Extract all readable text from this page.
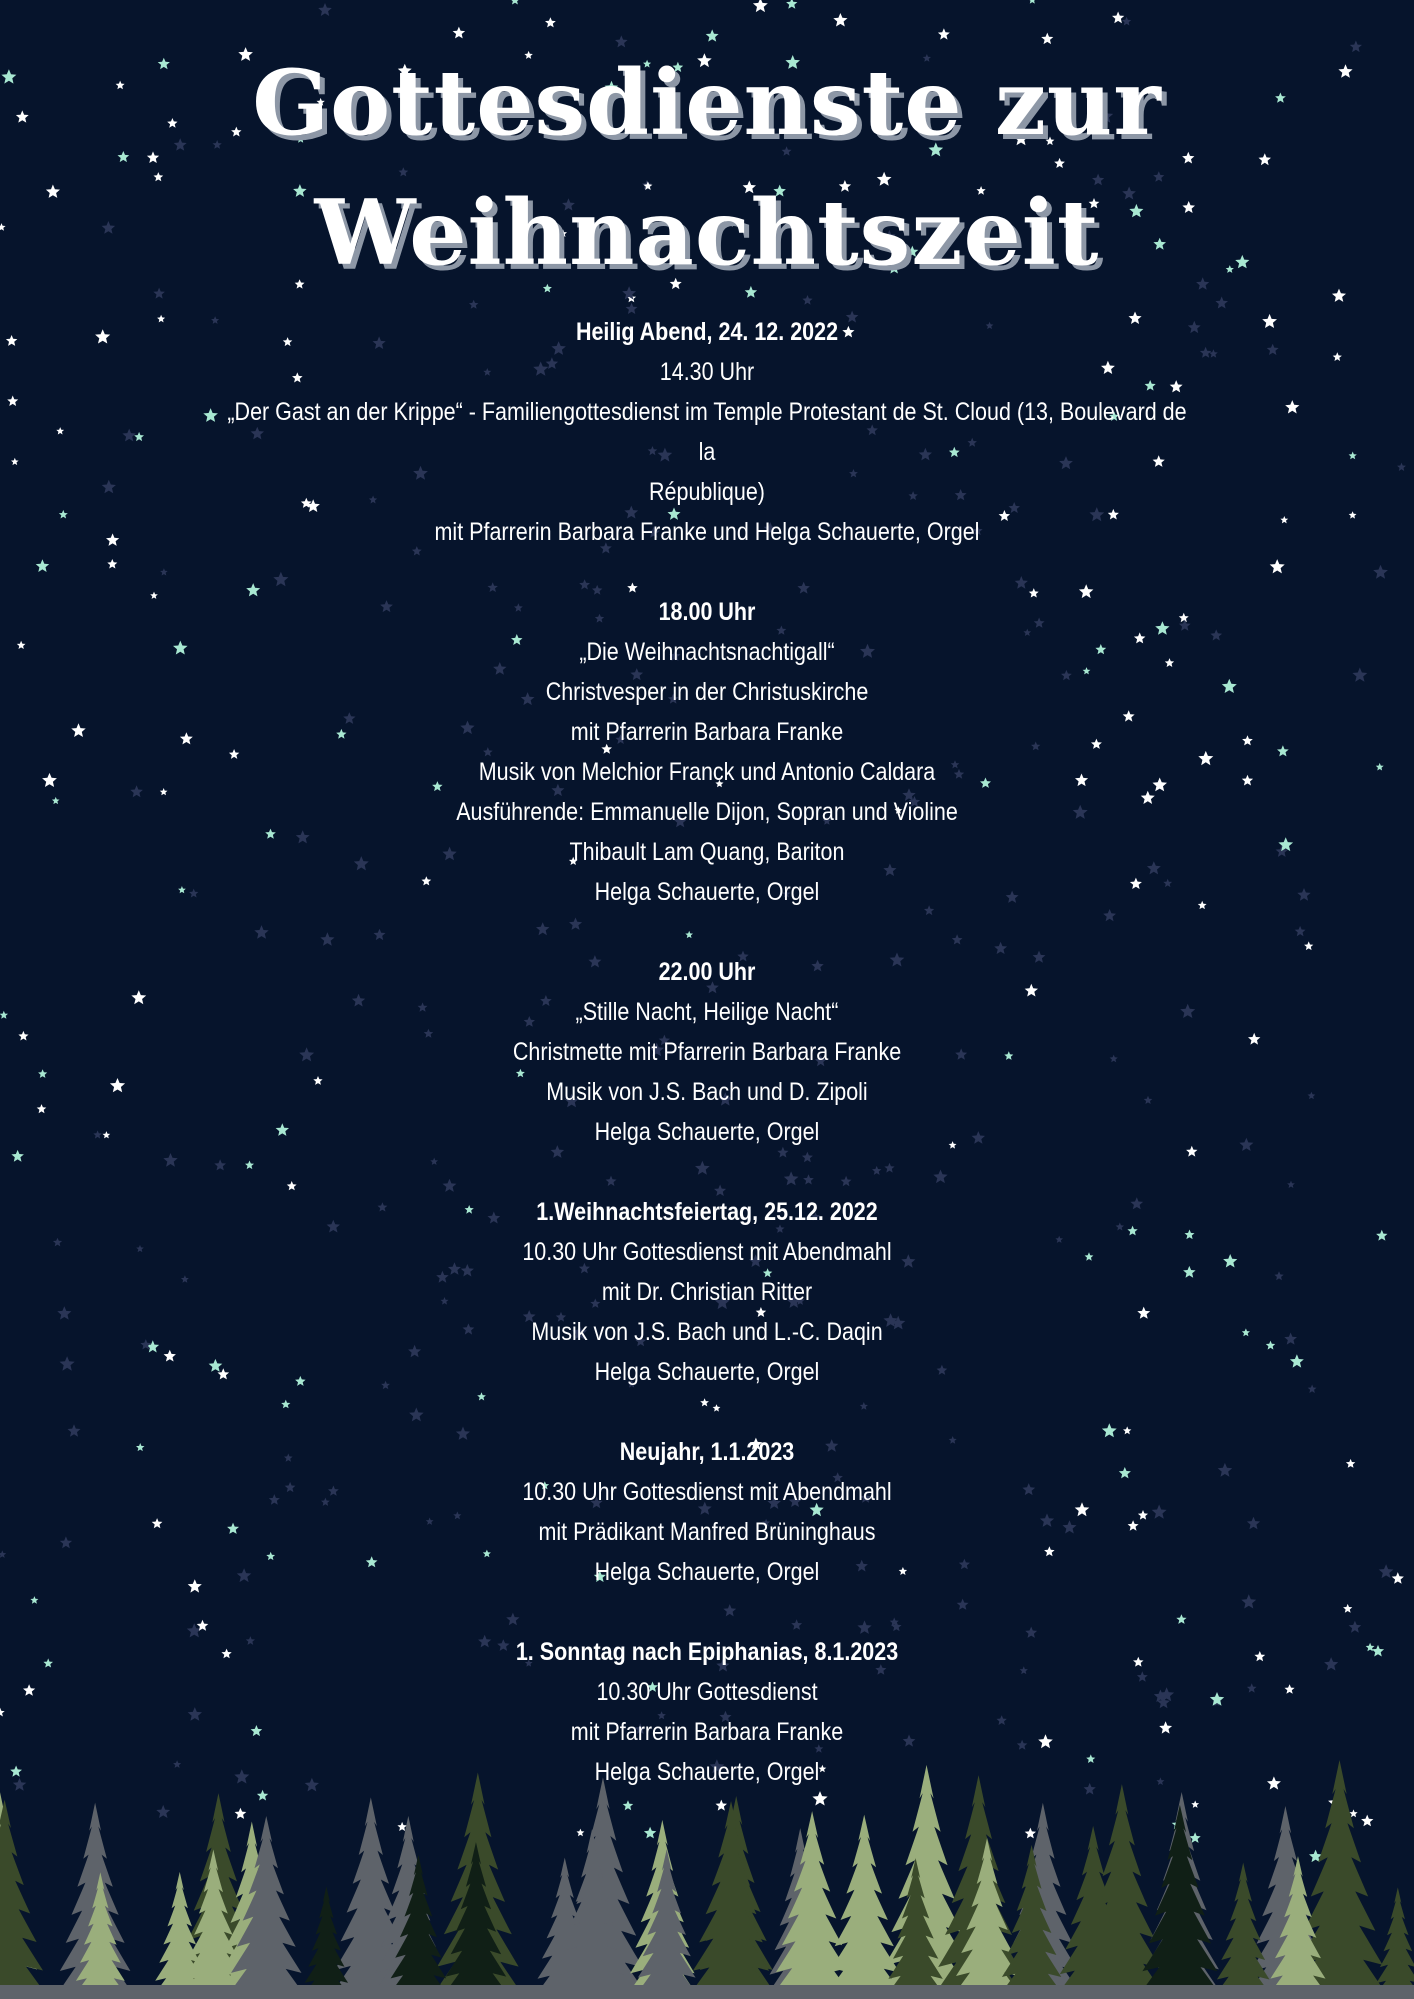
Gottesdienste zur
Weihnachtszeit
Heilig Abend, 24. 12. 2022
14.30 Uhr
„Der Gast an der Krippe“ - Familiengottesdienst im Temple Protestant de St. Cloud (13, Boulevard de la
République)
mit Pfarrerin Barbara Franke und Helga Schauerte, Orgel
18.00 Uhr
„Die Weihnachtsnachtigall“
Christvesper in der Christuskirche
mit Pfarrerin Barbara Franke
Musik von Melchior Franck und Antonio Caldara
Ausführende: Emmanuelle Dijon, Sopran und Violine
Thibault Lam Quang, Bariton
Helga Schauerte, Orgel
22.00 Uhr
„Stille Nacht, Heilige Nacht“
Christmette mit Pfarrerin Barbara Franke
Musik von J.S. Bach und D. Zipoli
Helga Schauerte, Orgel
1.Weihnachtsfeiertag, 25.12. 2022
10.30 Uhr Gottesdienst mit Abendmahl
mit Dr. Christian Ritter
Musik von J.S. Bach und L.-C. Daqin
Helga Schauerte, Orgel
Neujahr, 1.1.2023
10.30 Uhr Gottesdienst mit Abendmahl
mit Prädikant Manfred Brüninghaus
Helga Schauerte, Orgel
1. Sonntag nach Epiphanias, 8.1.2023
10.30 Uhr Gottesdienst
mit Pfarrerin Barbara Franke
Helga Schauerte, Orgel
